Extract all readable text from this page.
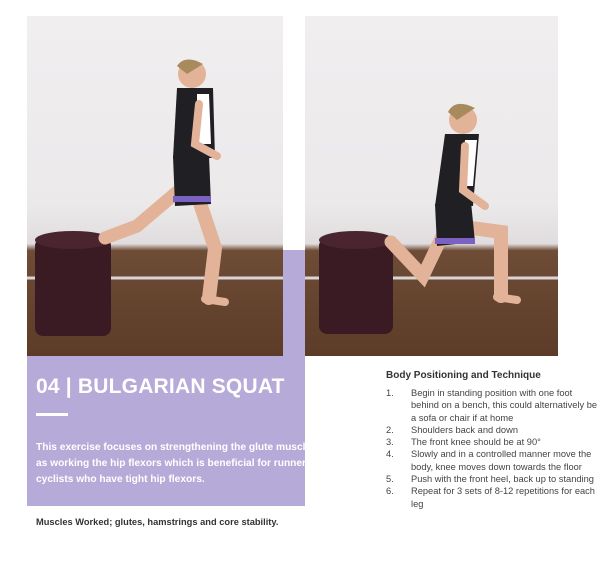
04 | BULGARIAN SQUAT
This exercise focuses on strengthening the glute muscles as well as working the hip flexors which is beneficial for runners and cyclists who have tight hip flexors.
Muscles Worked; glutes, hamstrings and core stability.
Body Positioning and Technique
1.	Begin in standing position with one foot behind on a bench, this could alternatively be a sofa or chair if at home
2.	Shoulders back and down
3.	The front knee should be at 90°
4.	Slowly and in a controlled manner move the body, knee moves down towards the floor
5.	Push with the front heel, back up to standing
6.	Repeat for 3 sets of 8-12 repetitions for each leg
